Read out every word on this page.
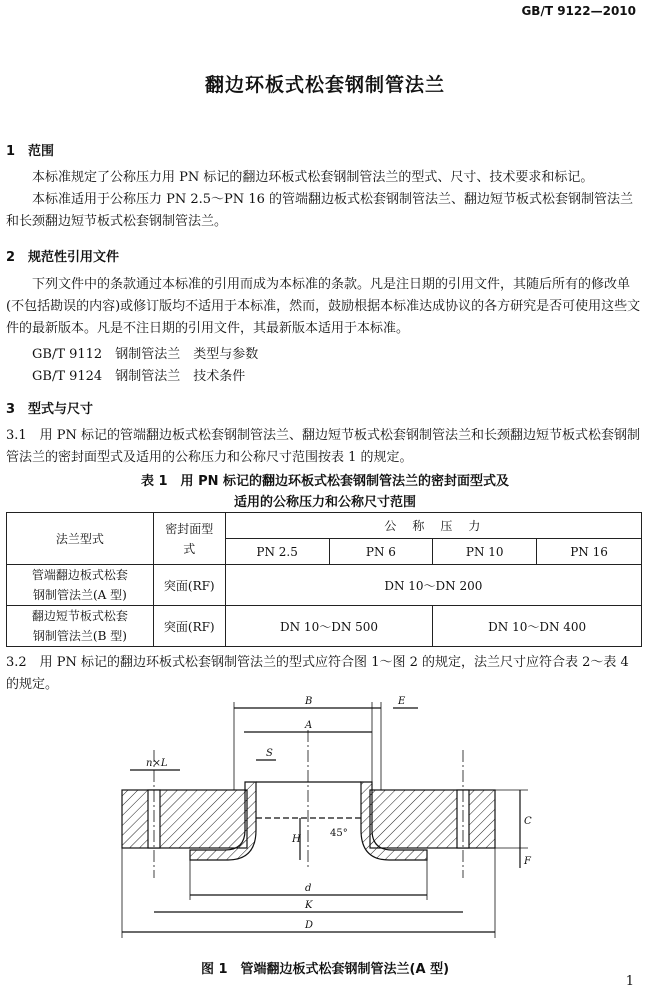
GB/T 9122—2010
翻边环板式松套钢制管法兰
1　范围
本标准规定了公称压力用 PN 标记的翻边环板式松套钢制管法兰的型式、尺寸、技术要求和标记。
本标准适用于公称压力 PN 2.5～PN 16 的管端翻边板式松套钢制管法兰、翻边短节板式松套钢制管法兰和长颈翻边短节板式松套钢制管法兰。
2　规范性引用文件
下列文件中的条款通过本标准的引用而成为本标准的条款。凡是注日期的引用文件，其随后所有的修改单(不包括勘误的内容)或修订版均不适用于本标准，然而，鼓励根据本标准达成协议的各方研究是否可使用这些文件的最新版本。凡是不注日期的引用文件，其最新版本适用于本标准。
GB/T 9112　钢制管法兰　类型与参数
GB/T 9124　钢制管法兰　技术条件
3　型式与尺寸
3.1　用 PN 标记的管端翻边板式松套钢制管法兰、翻边短节板式松套钢制管法兰和长颈翻边短节板式松套钢制管法兰的密封面型式及适用的公称压力和公称尺寸范围按表 1 的规定。
表 1　用 PN 标记的翻边环板式松套钢制管法兰的密封面型式及
适用的公称压力和公称尺寸范围
法兰型式	密封面型式	公　称　压　力			
		PN 2.5	PN 6	PN 10	PN 16
管端翻边板式松套钢制管法兰(A 型)	突面(RF)	DN 10～DN 200			
翻边短节板式松套钢制管法兰(B 型)	突面(RF)	DN 10～DN 500		DN 10～DN 400	
3.2　用 PN 标记的翻边环板式松套钢制管法兰的型式应符合图 1～图 2 的规定，法兰尺寸应符合表 2～表 4 的规定。
B	E
A
S
n×L
C
H
45°
F
d
K
D
图 1　管端翻边板式松套钢制管法兰(A 型)
1
